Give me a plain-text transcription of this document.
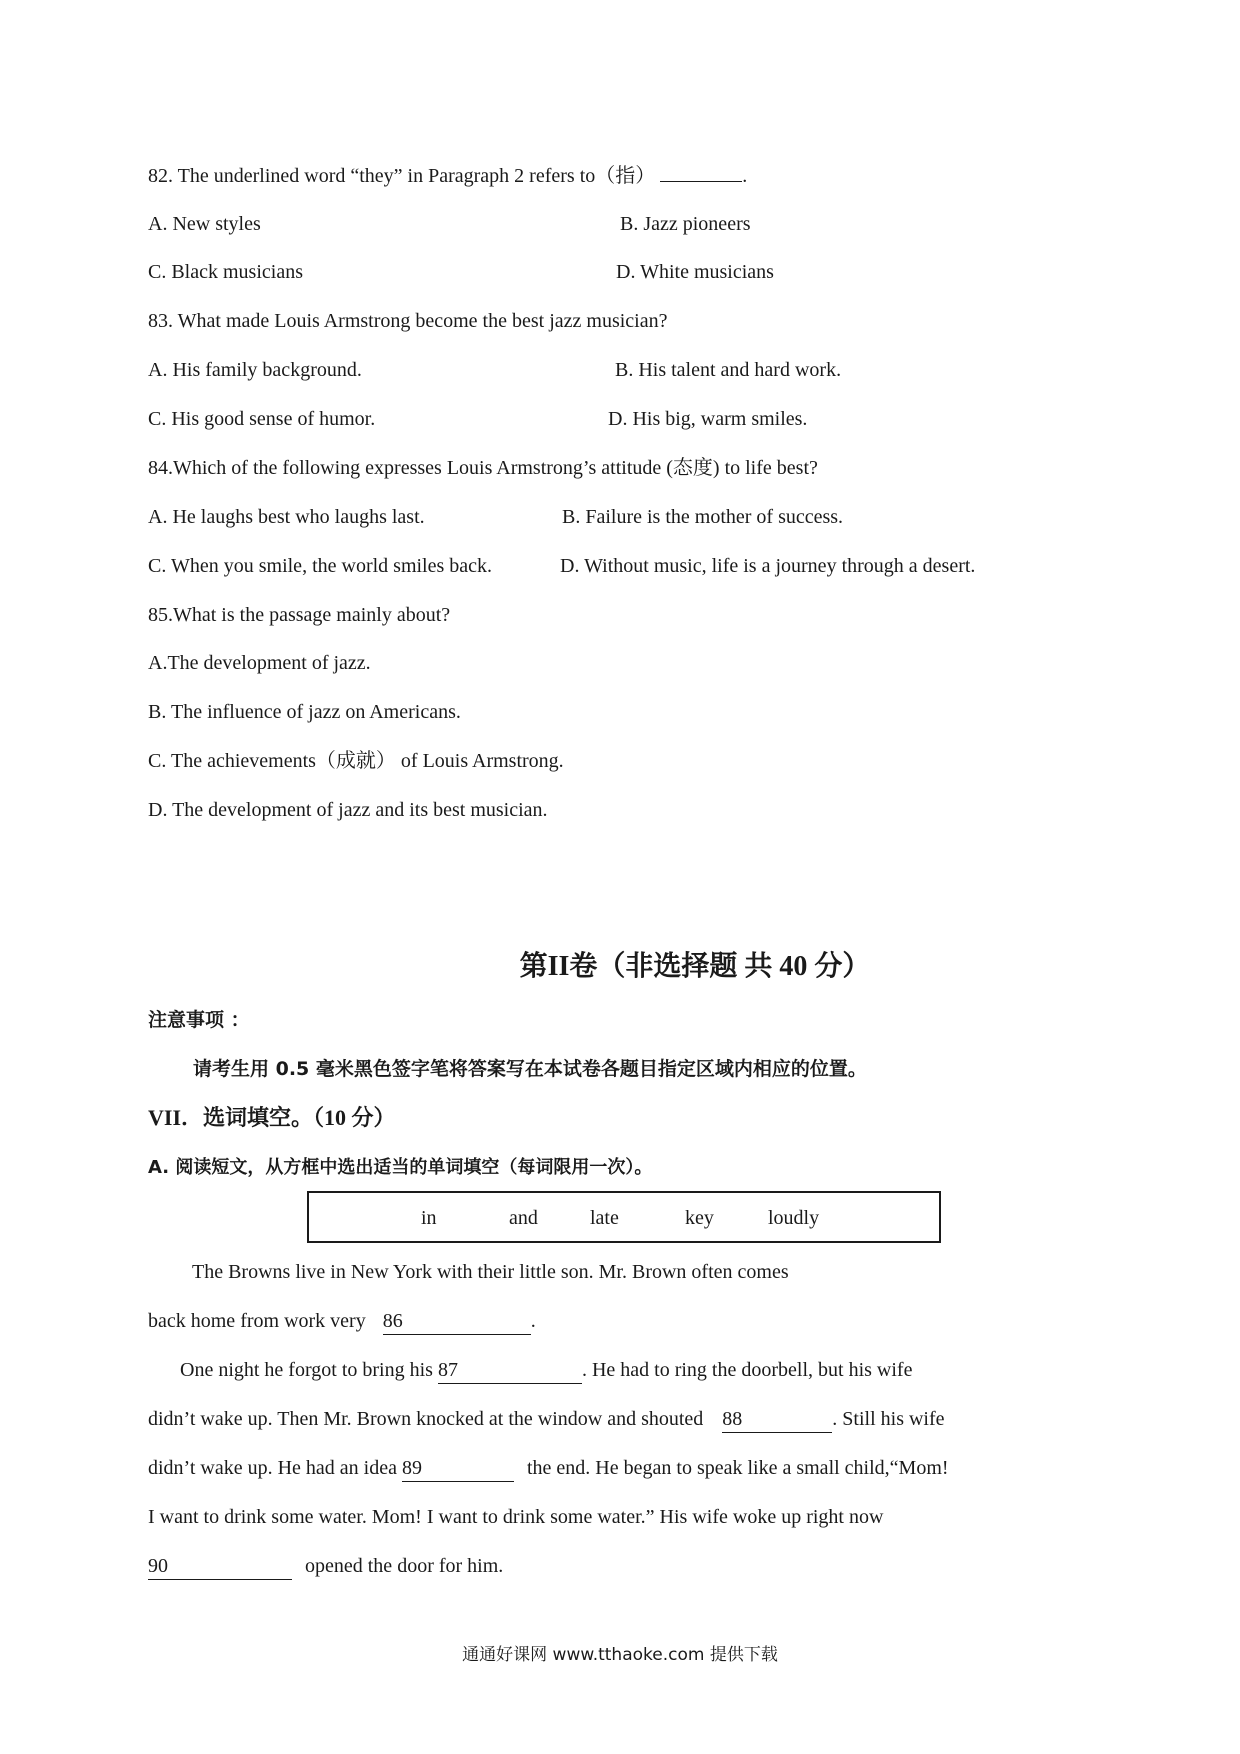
82. The underlined word “they” in Paragraph 2 refers to（指）	.
A. New styles	B. Jazz pioneers
C. Black musicians	D. White musicians
83. What made Louis Armstrong become the best jazz musician?
A. His family background.	B. His talent and hard work.
C. His good sense of humor.	D. His big, warm smiles.
84.Which of the following expresses Louis Armstrong’s attitude (态度) to life best?
A. He laughs best who laughs last.	B. Failure is the mother of success.
C. When you smile, the world smiles back.	D. Without music, life is a journey through a desert.
85.What is the passage mainly about?
A.The development of jazz.
B. The influence of jazz on Americans.
C. The achievements（成就） of Louis Armstrong.
D. The development of jazz and its best musician.
第II卷（非选择题 共 40 分）
注意事项 ：
请考生用 0.5 毫米黑色签字笔将答案写在本试卷各题目指定区域内相应的位置。
VII．选词填空。（10 分）
A. 阅读短文，从方框中选出适当的单词填空（每词限用一次）。
in	and	late	key	loudly
The Browns live in New York with their little son. Mr. Brown often comes
back home from work very 86	.
One night he forgot to bring his 87	. He had to ring the doorbell, but his wife
didn’t wake up. Then Mr. Brown knocked at the window and shouted 88	. Still his wife
didn’t wake up. He had an idea 89	the end. He began to speak like a small child,“Mom!
I want to drink some water. Mom! I want to drink some water.” His wife woke up right now
90	opened the door for him.
通通好课网 www.tthaoke.com 提供下载
